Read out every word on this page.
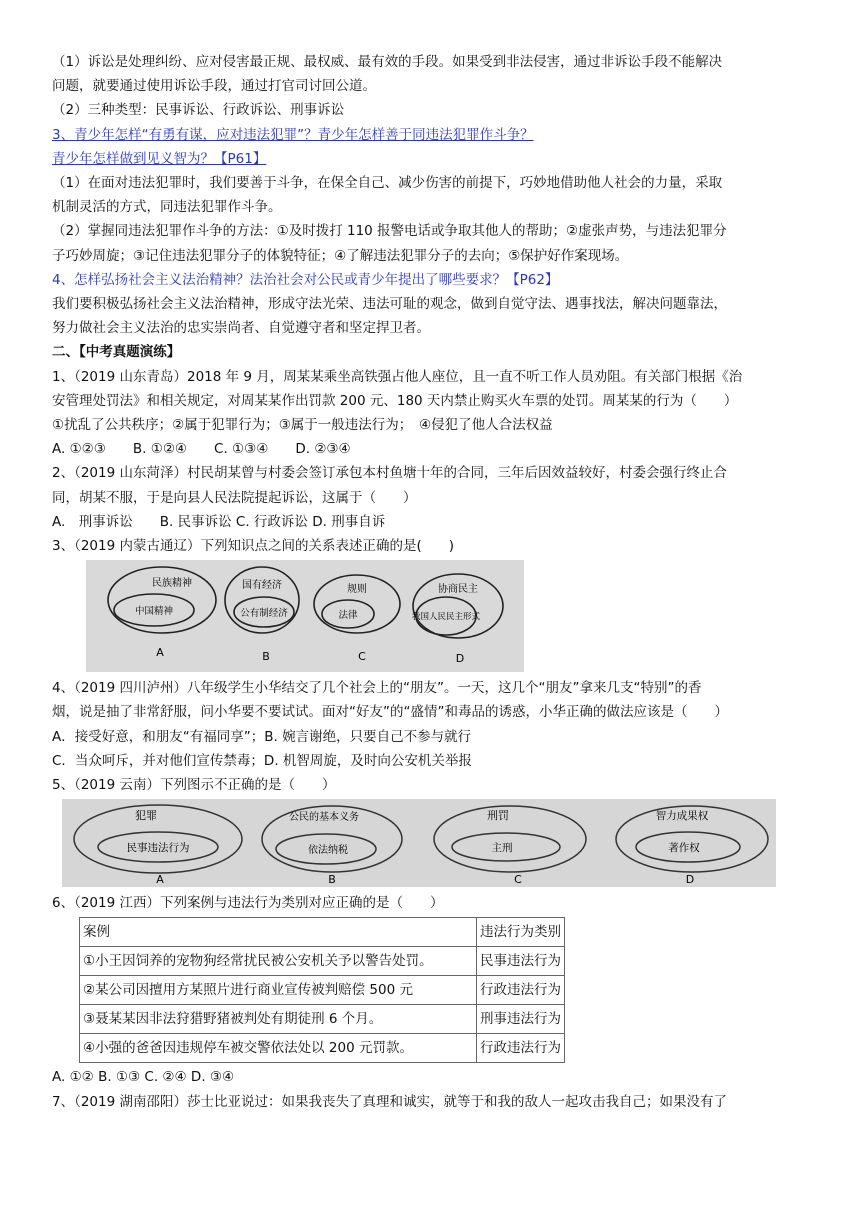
（1）诉讼是处理纠纷、应对侵害最正规、最权威、最有效的手段。如果受到非法侵害，通过非诉讼手段不能解决

问题，就要通过使用诉讼手段，通过打官司讨回公道。

（2）三种类型：民事诉讼、行政诉讼、刑事诉讼

3、青少年怎样“有勇有谋，应对违法犯罪”？青少年怎样善于同违法犯罪作斗争？

青少年怎样做到见义智为？【P61】

（1）在面对违法犯罪时，我们要善于斗争，在保全自己、减少伤害的前提下，巧妙地借助他人社会的力量，采取

机制灵活的方式，同违法犯罪作斗争。

（2）掌握同违法犯罪作斗争的方法：①及时拨打 110 报警电话或争取其他人的帮助；②虚张声势，与违法犯罪分

子巧妙周旋；③记住违法犯罪分子的体貌特征；④了解违法犯罪分子的去向；⑤保护好作案现场。

4、怎样弘扬社会主义法治精神？法治社会对公民或青少年提出了哪些要求？【P62】

我们要积极弘扬社会主义法治精神，形成守法光荣、违法可耻的观念，做到自觉守法、遇事找法，解决问题靠法，

努力做社会主义法治的忠实崇尚者、自觉遵守者和坚定捍卫者。

二、【中考真题演练】

1、（2019 山东青岛）2018 年 9 月，周某某乘坐高铁强占他人座位，且一直不听工作人员劝阻。有关部门根据《治

安管理处罚法》和相关规定，对周某某作出罚款 200 元、180 天内禁止购买火车票的处罚。周某某的行为（　　）

①扰乱了公共秩序；②属于犯罪行为；③属于一般违法行为；　④侵犯了他人合法权益

A. ①②③　　B. ①②④　　C. ①③④　　D. ②③④

2、（2019 山东菏泽）村民胡某曾与村委会签订承包本村鱼塘十年的合同，三年后因效益较好，村委会强行终止合

同，胡某不服，于是向县人民法院提起诉讼，这属于（　　）

A.　刑事诉讼　　B. 民事诉讼 C. 行政诉讼 D. 刑事自诉

3、（2019 内蒙古通辽）下列知识点之间的关系表述正确的是(　　)

民族精神
中国精神
A
国有经济
公有制经济
B
规则
法律
C
协商民主
我国人民民主形式
D

4、（2019 四川泸州）八年级学生小华结交了几个社会上的“朋友”。一天，这几个“朋友”拿来几支“特别”的香

烟，说是抽了非常舒服，问小华要不要试试。面对“好友”的“盛情”和毒品的诱惑，小华正确的做法应该是（　　）

A．接受好意，和朋友“有福同享”；B. 婉言谢绝，只要自己不参与就行

C．当众呵斥，并对他们宣传禁毒；D. 机智周旋，及时向公安机关举报

5、（2019 云南）下列图示不正确的是（　　）

犯罪
民事违法行为
A
公民的基本义务
依法纳税
B
刑罚
主刑
C
智力成果权
著作权
D

6、（2019 江西）下列案例与违法行为类别对应正确的是（　　）

案例	违法行为类别
①小王因饲养的宠物狗经常扰民被公安机关予以警告处罚。	民事违法行为
②某公司因擅用方某照片进行商业宣传被判赔偿 500 元	行政违法行为
③聂某某因非法狩猎野猪被判处有期徒刑 6 个月。	刑事违法行为
④小强的爸爸因违规停车被交警依法处以 200 元罚款。	行政违法行为

A. ①② B. ①③ C. ②④ D. ③④

7、（2019 湖南邵阳）莎士比亚说过：如果我丧失了真理和诚实，就等于和我的敌人一起攻击我自己；如果没有了
